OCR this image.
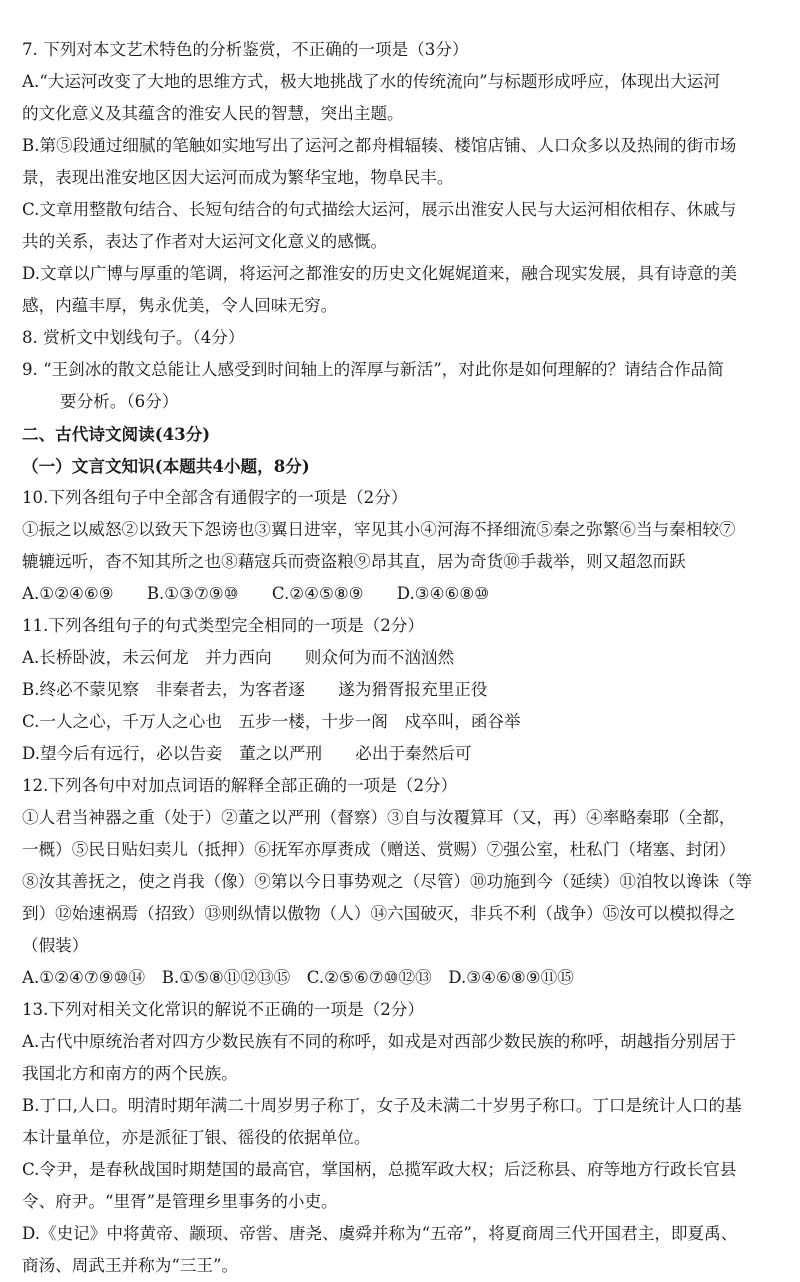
7. 下列对本文艺术特色的分析鉴赏，不正确的一项是（3分）
A.“大运河改变了大地的思维方式，极大地挑战了水的传统流向”与标题形成呼应，体现出大运河
的文化意义及其蕴含的淮安人民的智慧，突出主题。
B.第⑤段通过细腻的笔触如实地写出了运河之都舟楫辐辏、楼馆店铺、人口众多以及热闹的街市场
景，表现出淮安地区因大运河而成为繁华宝地，物阜民丰。
C.文章用整散句结合、长短句结合的句式描绘大运河，展示出淮安人民与大运河相依相存、休戚与
共的关系，表达了作者对大运河文化意义的感慨。
D.文章以广博与厚重的笔调，将运河之都淮安的历史文化娓娓道来，融合现实发展，具有诗意的美
感，内蕴丰厚，隽永优美，令人回味无穷。
8. 赏析文中划线句子。（4分）
9. “王剑冰的散文总能让人感受到时间轴上的浑厚与新活”，对此你是如何理解的？请结合作品简
要分析。（6分）
二、古代诗文阅读(43分)
（一）文言文知识(本题共4小题，8分)
10.下列各组句子中全部含有通假字的一项是（2分）
①振之以威怒②以致天下怨谤也③翼日进宰，宰见其小④河海不择细流⑤秦之弥繁⑥当与秦相较⑦
辘辘远听，杳不知其所之也⑧藉寇兵而赍盗粮⑨昂其直，居为奇货⑩手裁举，则又超忽而跃
A.①②④⑥⑨　　B.①③⑦⑨⑩　　C.②④⑤⑧⑨　　D.③④⑥⑧⑩
11.下列各组句子的句式类型完全相同的一项是（2分）
A.长桥卧波，未云何龙　并力西向　　则众何为而不汹汹然
B.终必不蒙见察　非秦者去，为客者逐　　遂为猾胥报充里正役
C.一人之心，千万人之心也　五步一楼，十步一阁　戍卒叫，函谷举
D.望今后有远行，必以告妾　董之以严刑　　必出于秦然后可
12.下列各句中对加点词语的解释全部正确的一项是（2分）
①人君当神器之重（处于）②董之以严刑（督察）③自与汝覆算耳（又，再）④率略秦耶（全都，
一概）⑤民日贴妇卖儿（抵押）⑥抚军亦厚赉成（赠送、赏赐）⑦强公室，杜私门（堵塞、封闭）
⑧汝其善抚之，使之肖我（像）⑨第以今日事势观之（尽管）⑩功施到今（延续）⑪洎牧以谗诛（等
到）⑫始速祸焉（招致）⑬则纵情以傲物（人）⑭六国破灭，非兵不利（战争）⑮汝可以模拟得之
（假装）
A.①②④⑦⑨⑩⑭　B.①⑤⑧⑪⑫⑬⑮　C.②⑤⑥⑦⑩⑫⑬　D.③④⑥⑧⑨⑪⑮
13.下列对相关文化常识的解说不正确的一项是（2分）
A.古代中原统治者对四方少数民族有不同的称呼，如戎是对西部少数民族的称呼，胡越指分别居于
我国北方和南方的两个民族。
B.丁口,人口。明清时期年满二十周岁男子称丁，女子及未满二十岁男子称口。丁口是统计人口的基
本计量单位，亦是派征丁银、徭役的依据单位。
C.令尹，是春秋战国时期楚国的最高官，掌国柄，总揽军政大权；后泛称县、府等地方行政长官县
令、府尹。“里胥”是管理乡里事务的小吏。
D.《史记》中将黄帝、颛顼、帝喾、唐尧、虞舜并称为“五帝”，将夏商周三代开国君主，即夏禹、
商汤、周武王并称为“三王”。
